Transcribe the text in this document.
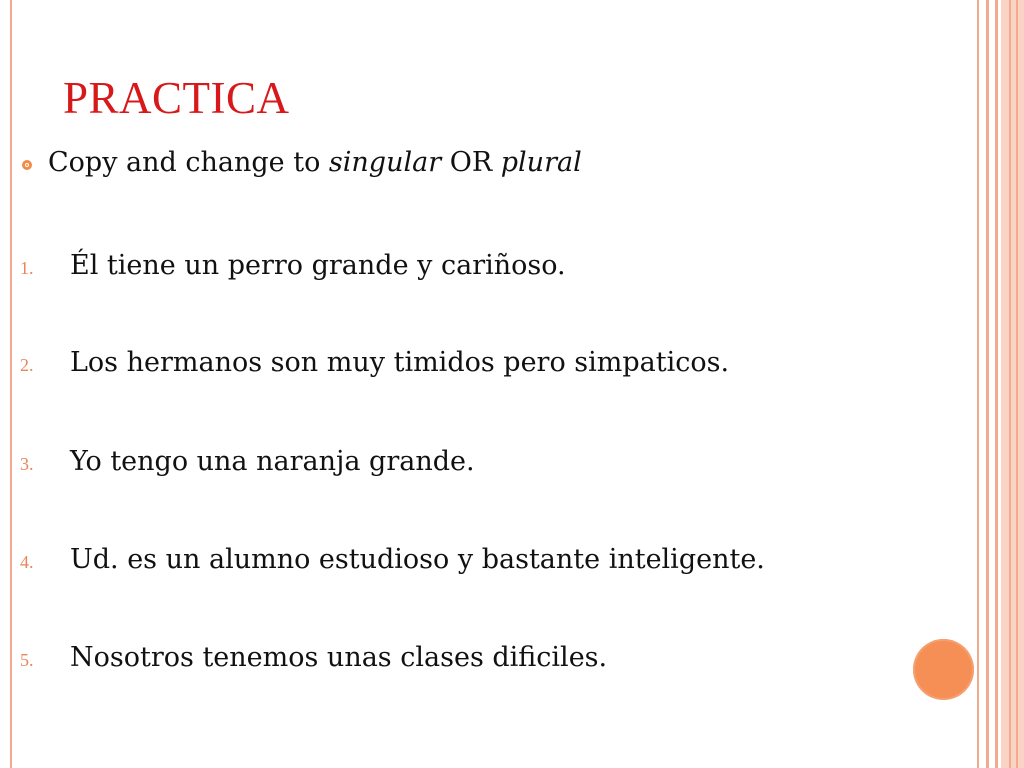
PRACTICA
Copy and change to singular OR plural
1.	Él tiene un perro grande y cariñoso.
2.	Los hermanos son muy timidos pero simpaticos.
3.	Yo tengo una naranja grande.
4.	Ud. es un alumno estudioso y bastante inteligente.
5.	Nosotros tenemos unas clases dificiles.
